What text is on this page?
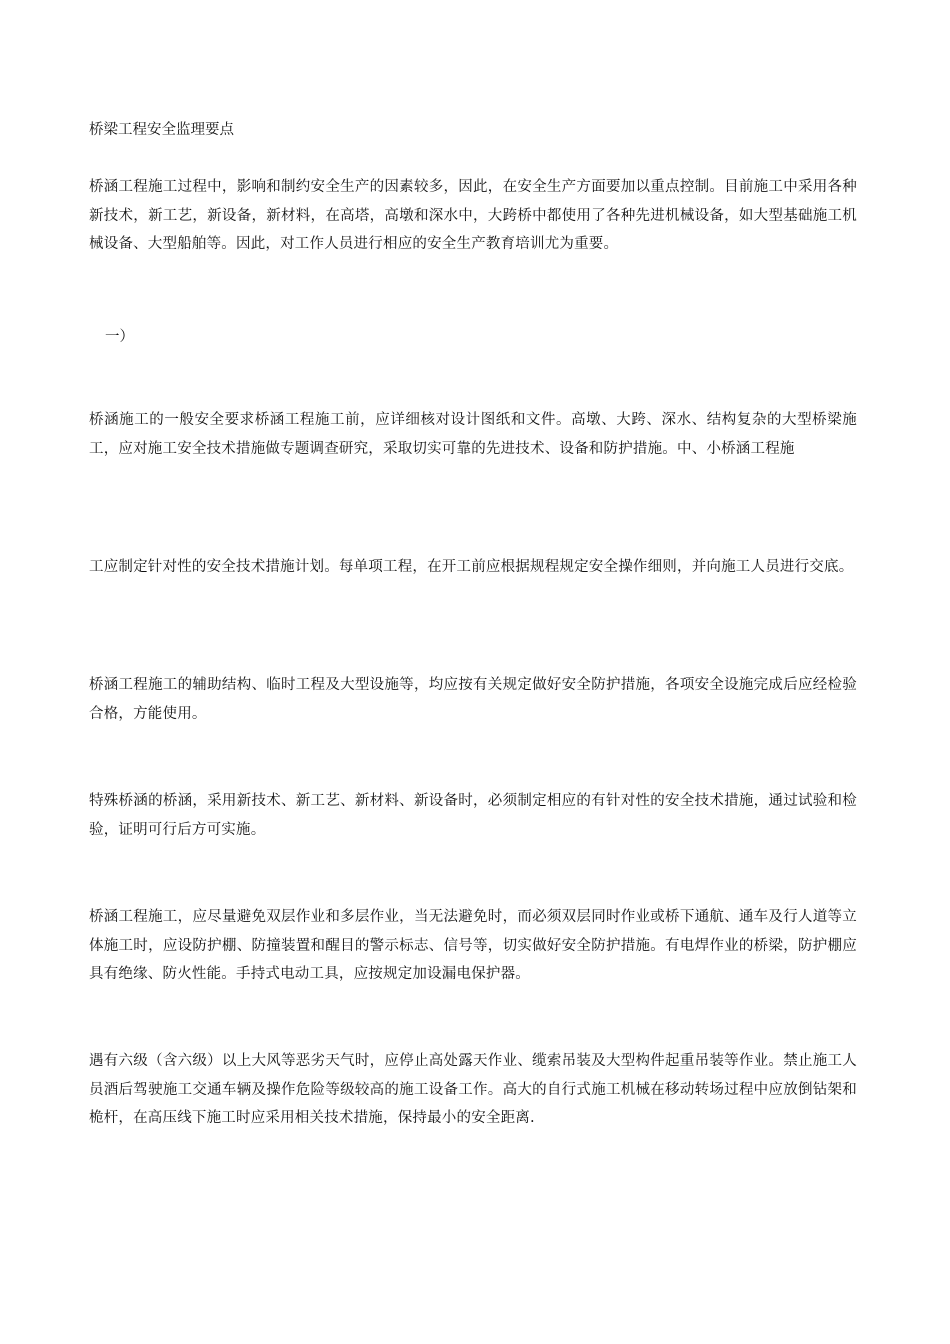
桥梁工程安全监理要点
桥涵工程施工过程中，影响和制约安全生产的因素较多，因此，在安全生产方面要加以重点控制。目前施工中采用各种新技术，新工艺，新设备，新材料，在高塔，高墩和深水中，大跨桥中都使用了各种先进机械设备，如大型基础施工机械设备、大型船舶等。因此，对工作人员进行相应的安全生产教育培训尤为重要。
一）
桥涵施工的一般安全要求桥涵工程施工前，应详细核对设计图纸和文件。高墩、大跨、深水、结构复杂的大型桥梁施工，应对施工安全技术措施做专题调查研究，采取切实可靠的先进技术、设备和防护措施。中、小桥涵工程施
工应制定针对性的安全技术措施计划。每单项工程，在开工前应根据规程规定安全操作细则，并向施工人员进行交底。
桥涵工程施工的辅助结构、临时工程及大型设施等，均应按有关规定做好安全防护措施，各项安全设施完成后应经检验合格，方能使用。
特殊桥涵的桥涵，采用新技术、新工艺、新材料、新设备时，必须制定相应的有针对性的安全技术措施，通过试验和检验，证明可行后方可实施。
桥涵工程施工，应尽量避免双层作业和多层作业，当无法避免时，而必须双层同时作业或桥下通航、通车及行人道等立体施工时，应设防护棚、防撞装置和醒目的警示标志、信号等，切实做好安全防护措施。有电焊作业的桥梁，防护棚应具有绝缘、防火性能。手持式电动工具，应按规定加设漏电保护器。
遇有六级（含六级）以上大风等恶劣天气时，应停止高处露天作业、缆索吊装及大型构件起重吊装等作业。禁止施工人员酒后驾驶施工交通车辆及操作危险等级较高的施工设备工作。高大的自行式施工机械在移动转场过程中应放倒钻架和桅杆，在高压线下施工时应采用相关技术措施，保持最小的安全距离.
